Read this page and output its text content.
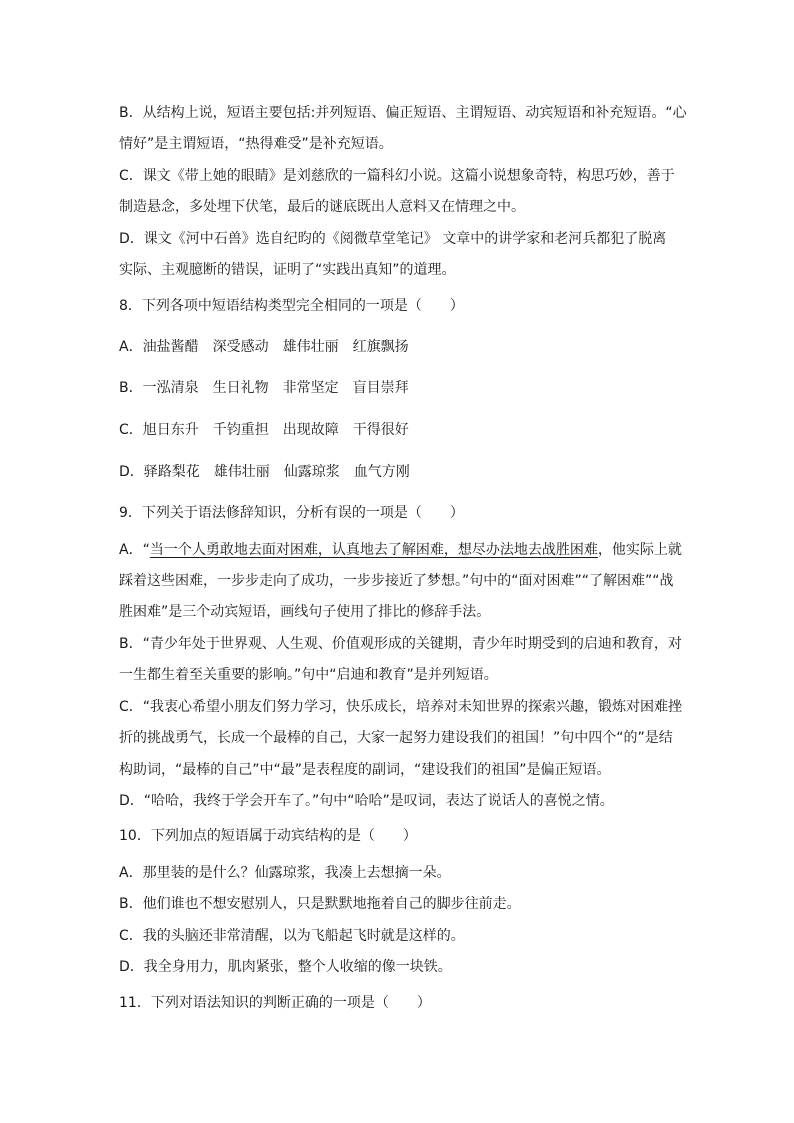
B．从结构上说，短语主要包括:并列短语、偏正短语、主谓短语、动宾短语和补充短语。“心
情好”是主谓短语，“热得难受”是补充短语。
C．课文《带上她的眼睛》是刘慈欣的一篇科幻小说。这篇小说想象奇特，构思巧妙，善于
制造悬念，多处埋下伏笔，最后的谜底既出人意料又在情理之中。
D．课文《河中石兽》选自纪昀的《阅微草堂笔记》 文章中的讲学家和老河兵都犯了脱离
实际、主观臆断的错误，证明了“实践出真知”的道理。
8．下列各项中短语结构类型完全相同的一项是（　　）
A．油盐酱醋　深受感动　雄伟壮丽　红旗飘扬
B．一泓清泉　生日礼物　非常坚定　盲目崇拜
C．旭日东升　千钧重担　出现故障　干得很好
D．驿路梨花　雄伟壮丽　仙露琼浆　血气方刚
9．下列关于语法修辞知识，分析有误的一项是（　　）
A．“当一个人勇敢地去面对困难，认真地去了解困难，想尽办法地去战胜困难，他实际上就
踩着这些困难，一步步走向了成功，一步步接近了梦想。”句中的“面对困难”“了解困难”“战
胜困难”是三个动宾短语，画线句子使用了排比的修辞手法。
B．“青少年处于世界观、人生观、价值观形成的关键期，青少年时期受到的启迪和教育，对
一生都生着至关重要的影响。”句中“启迪和教育”是并列短语。
C．“我衷心希望小朋友们努力学习，快乐成长，培养对未知世界的探索兴趣，锻炼对困难挫
折的挑战勇气，长成一个最棒的自己，大家一起努力建设我们的祖国！”句中四个“的”是结
构助词，“最棒的自己”中“最”是表程度的副词，“建设我们的祖国”是偏正短语。
D．“哈哈，我终于学会开车了。”句中“哈哈”是叹词，表达了说话人的喜悦之情。
10．下列加点的短语属于动宾结构的是（　　）
A．那里装的是什么？仙露琼浆，我凑上去想摘一朵。
B．他们谁也不想安慰别人，只是默默地拖着自己的脚步往前走。
C．我的头脑还非常清醒，以为飞船起飞时就是这样的。
D．我全身用力，肌肉紧张，整个人收缩的像一块铁。
11．下列对语法知识的判断正确的一项是（　　）
